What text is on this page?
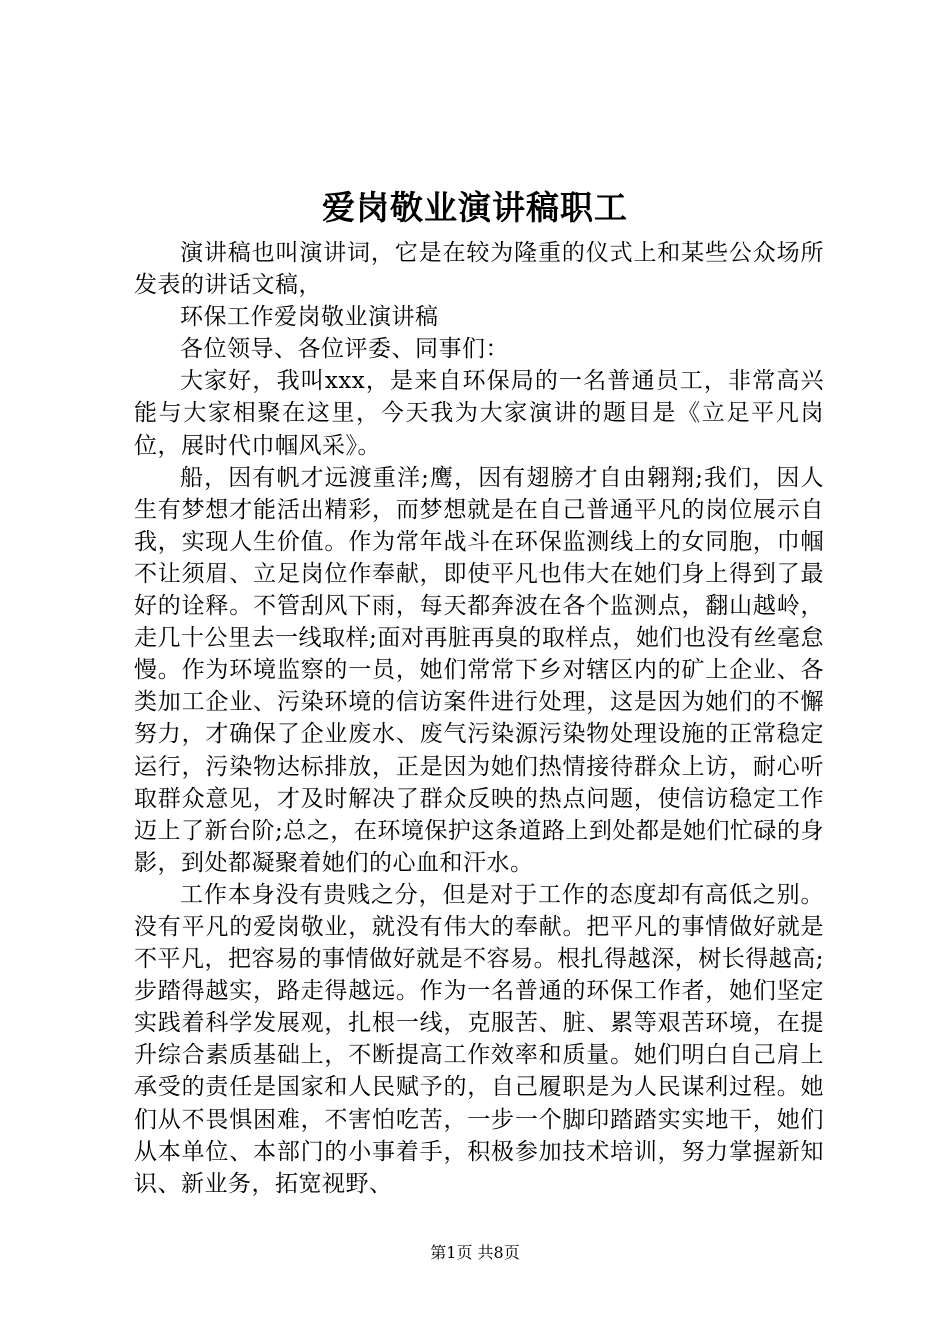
爱岗敬业演讲稿职工

演讲稿也叫演讲词，它是在较为隆重的仪式上和某些公众场所发表的讲话文稿，

环保工作爱岗敬业演讲稿

各位领导、各位评委、同事们：

大家好，我叫xxx，是来自环保局的一名普通员工，非常高兴能与大家相聚在这里，今天我为大家演讲的题目是《立足平凡岗位，展时代巾帼风采》。

船，因有帆才远渡重洋;鹰，因有翅膀才自由翱翔;我们，因人生有梦想才能活出精彩，而梦想就是在自己普通平凡的岗位展示自我，实现人生价值。作为常年战斗在环保监测线上的女同胞，巾帼不让须眉、立足岗位作奉献，即使平凡也伟大在她们身上得到了最好的诠释。不管刮风下雨，每天都奔波在各个监测点，翻山越岭，走几十公里去一线取样;面对再脏再臭的取样点，她们也没有丝毫怠慢。作为环境监察的一员，她们常常下乡对辖区内的矿上企业、各类加工企业、污染环境的信访案件进行处理，这是因为她们的不懈努力，才确保了企业废水、废气污染源污染物处理设施的正常稳定运行，污染物达标排放，正是因为她们热情接待群众上访，耐心听取群众意见，才及时解决了群众反映的热点问题，使信访稳定工作迈上了新台阶;总之，在环境保护这条道路上到处都是她们忙碌的身影，到处都凝聚着她们的心血和汗水。

工作本身没有贵贱之分，但是对于工作的态度却有高低之别。没有平凡的爱岗敬业，就没有伟大的奉献。把平凡的事情做好就是不平凡，把容易的事情做好就是不容易。根扎得越深，树长得越高;步踏得越实，路走得越远。作为一名普通的环保工作者，她们坚定实践着科学发展观，扎根一线，克服苦、脏、累等艰苦环境，在提升综合素质基础上，不断提高工作效率和质量。她们明白自己肩上承受的责任是国家和人民赋予的，自己履职是为人民谋利过程。她们从不畏惧困难，不害怕吃苦，一步一个脚印踏踏实实地干，她们从本单位、本部门的小事着手，积极参加技术培训，努力掌握新知识、新业务，拓宽视野、

第1页 共8页
